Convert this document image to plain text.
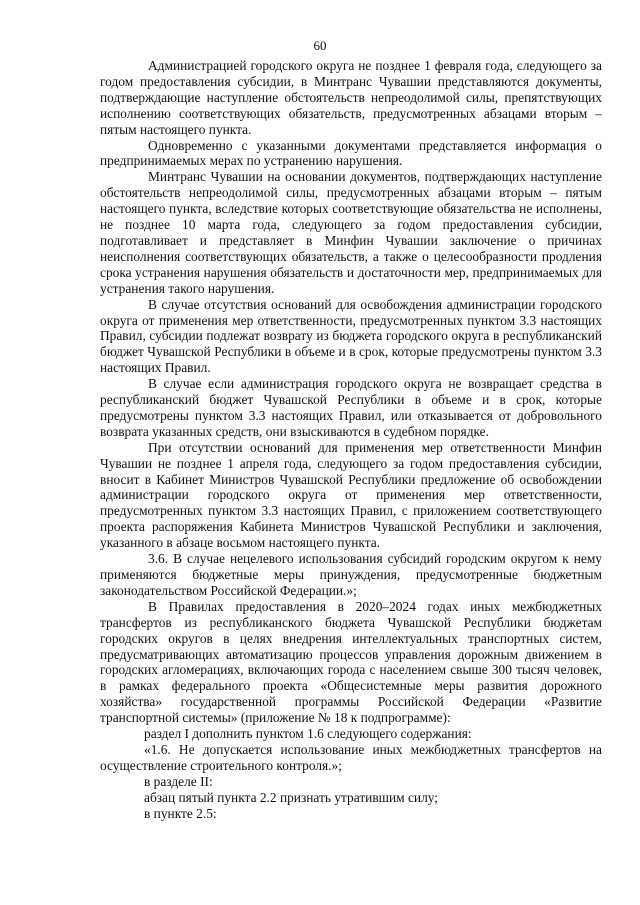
60

Администрацией городского округа не позднее 1 февраля года, следующего за годом предоставления субсидии, в Минтранс Чувашии представляются документы, подтверждающие наступление обстоятельств непреодолимой силы, препятствующих исполнению соответствующих обязательств, предусмотренных абзацами вторым – пятым настоящего пункта.

Одновременно с указанными документами представляется информация о предпринимаемых мерах по устранению нарушения.

Минтранс Чувашии на основании документов, подтверждающих наступление обстоятельств непреодолимой силы, предусмотренных абзацами вторым – пятым настоящего пункта, вследствие которых соответствующие обязательства не исполнены, не позднее 10 марта года, следующего за годом предоставления субсидии, подготавливает и представляет в Минфин Чувашии заключение о причинах неисполнения соответствующих обязательств, а также о целесообразности продления срока устранения нарушения обязательств и достаточности мер, предпринимаемых для устранения такого нарушения.

В случае отсутствия оснований для освобождения администрации городского округа от применения мер ответственности, предусмотренных пунктом 3.3 настоящих Правил, субсидии подлежат возврату из бюджета городского округа в республиканский бюджет Чувашской Республики в объеме и в срок, которые предусмотрены пунктом 3.3 настоящих Правил.

В случае если администрация городского округа не возвращает средства в республиканский бюджет Чувашской Республики в объеме и в срок, которые предусмотрены пунктом 3.3 настоящих Правил, или отказывается от добровольного возврата указанных средств, они взыскиваются в судебном порядке.

При отсутствии оснований для применения мер ответственности Минфин Чувашии не позднее 1 апреля года, следующего за годом предоставления субсидии, вносит в Кабинет Министров Чувашской Республики предложение об освобождении администрации городского округа от применения мер ответственности, предусмотренных пунктом 3.3 настоящих Правил, с приложением соответствующего проекта распоряжения Кабинета Министров Чувашской Республики и заключения, указанного в абзаце восьмом настоящего пункта.

3.6. В случае нецелевого использования субсидий городским округом к нему применяются бюджетные меры принуждения, предусмотренные бюджетным законодательством Российской Федерации.»;

В Правилах предоставления в 2020–2024 годах иных межбюджетных трансфертов из республиканского бюджета Чувашской Республики бюджетам городских округов в целях внедрения интеллектуальных транспортных систем, предусматривающих автоматизацию процессов управления дорожным движением в городских агломерациях, включающих города с населением свыше 300 тысяч человек, в рамках федерального проекта «Общесистемные меры развития дорожного хозяйства» государственной программы Российской Федерации «Развитие транспортной системы» (приложение № 18 к подпрограмме):

раздел I дополнить пунктом 1.6 следующего содержания:

«1.6. Не допускается использование иных межбюджетных трансфертов на осуществление строительного контроля.»;

в разделе II:

абзац пятый пункта 2.2 признать утратившим силу;

в пункте 2.5:
